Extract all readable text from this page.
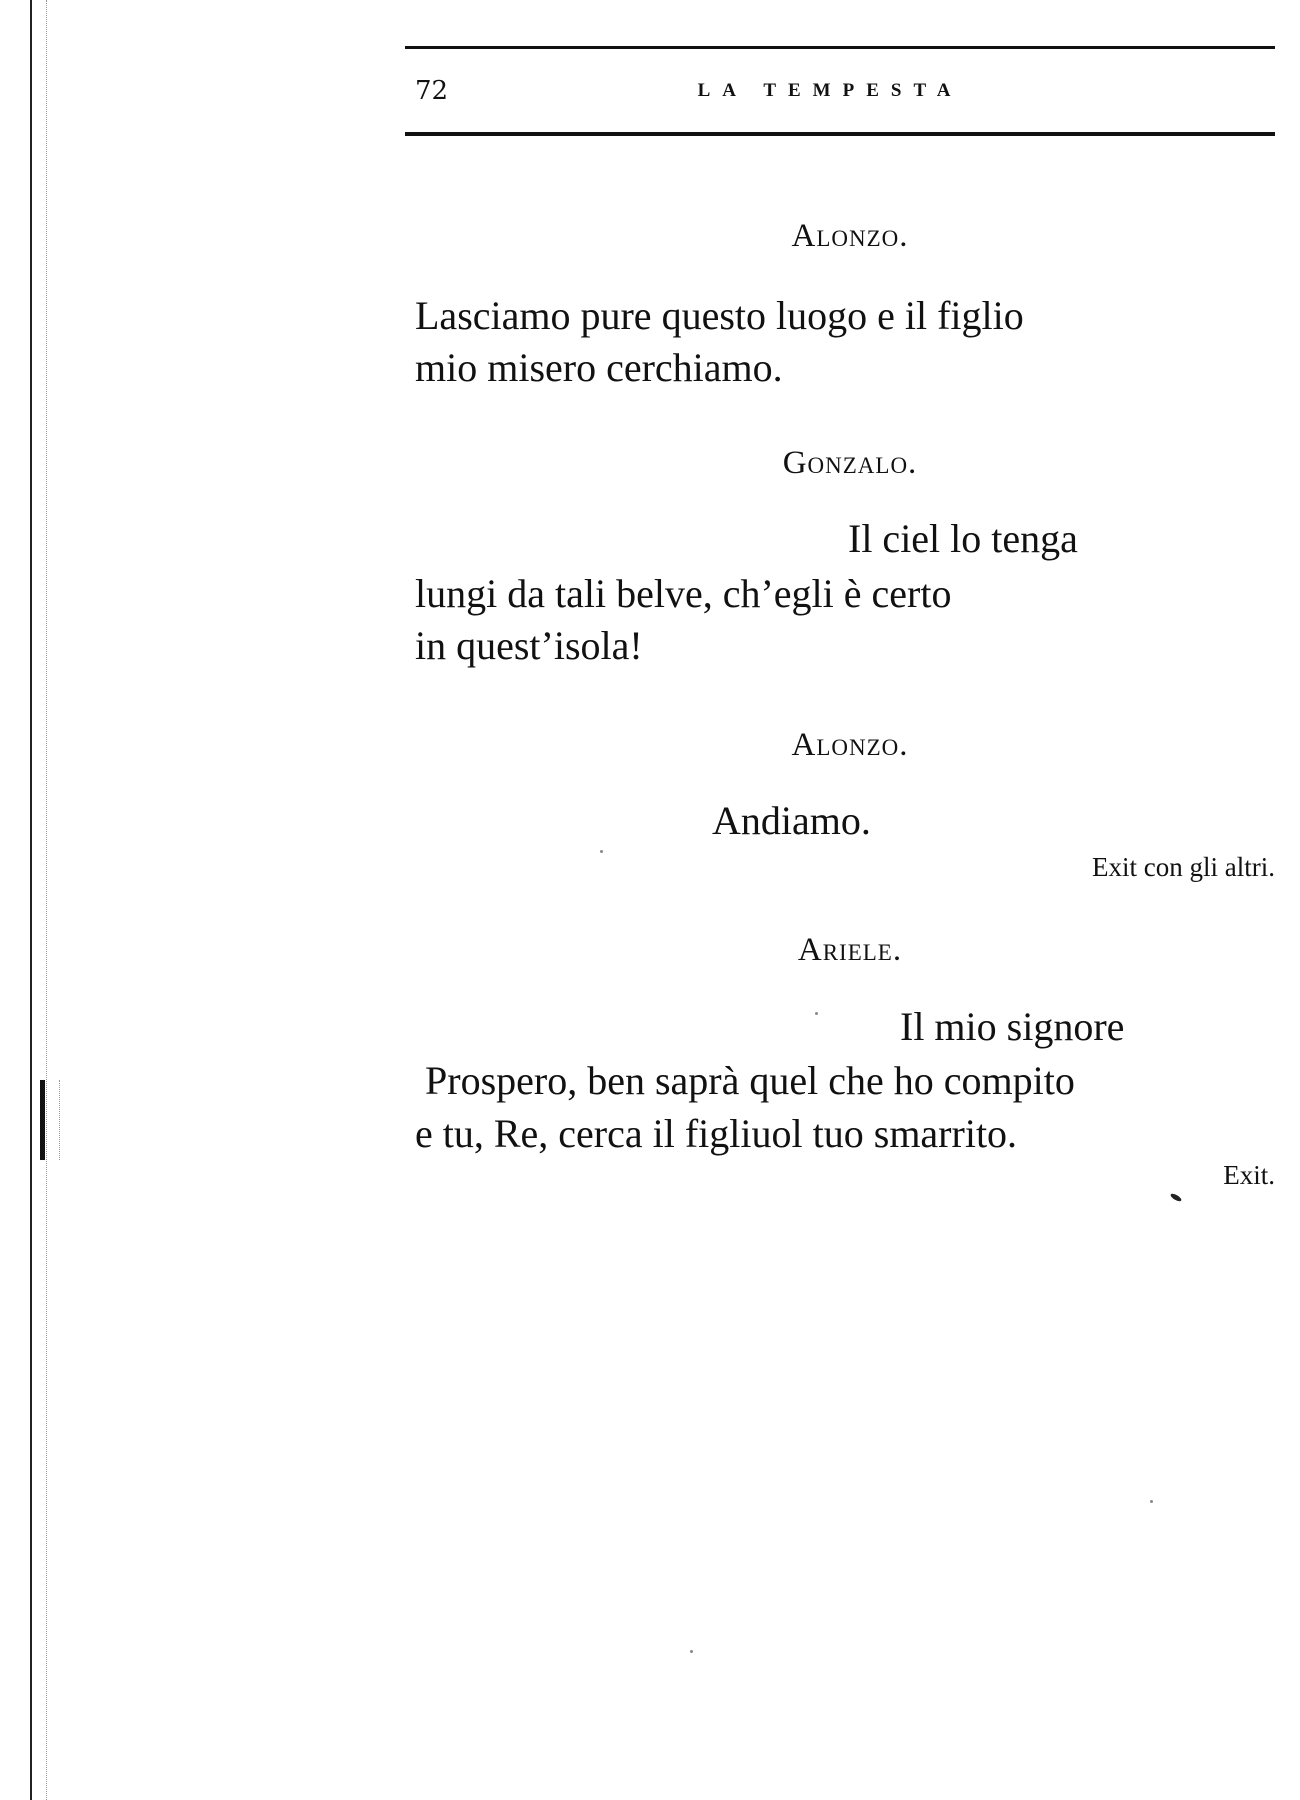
72	LA TEMPESTA
Alonzo.
Lasciamo pure questo luogo e il figlio
mio misero cerchiamo.
Gonzalo.
Il ciel lo tenga
lungi da tali belve, ch’egli è certo
in quest’isola!
Alonzo.
Andiamo.
Exit con gli altri.
Ariele.
Il mio signore
Prospero, ben saprà quel che ho compito
e tu, Re, cerca il figliuol tuo smarrito.
Exit.
